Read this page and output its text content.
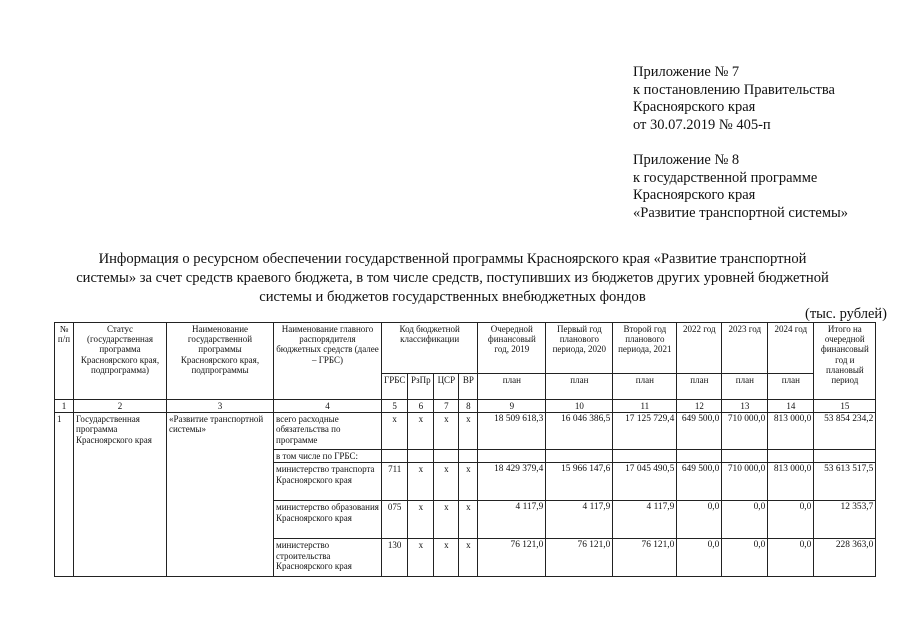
Приложение № 7
к постановлению Правительства
Красноярского края
от 30.07.2019 № 405-п
Приложение № 8
к государственной программе
Красноярского края
«Развитие транспортной системы»
Информация о ресурсном обеспечении государственной программы Красноярского края «Развитие транспортной
системы» за счет средств краевого бюджета, в том числе средств, поступивших из бюджетов других уровней бюджетной
системы и бюджетов государственных внебюджетных фондов
(тыс. рублей)
№ п/п	Статус (государственная программа Красноярского края, подпрограмма)	Наименование государственной программы Красноярского края, подпрограммы	Наименование главного распорядителя бюджетных средств (далее – ГРБС)	Код бюджетной классификации				Очередной финансовый год, 2019	Первый год планового периода, 2020	Второй год планового периода, 2021	2022 год	2023 год	2024 год	Итого на очередной финансовый год и плановый период
				ГРБС	РзПр	ЦСР	ВР	план	план	план	план	план	план	
1	2	3	4	5	6	7	8	9	10	11	12	13	14	15
1	Государственная программа Красноярского края	«Развитие транспортной системы»	всего расходные обязательства по программе	x	x	x	x	18 509 618,3	16 046 386,5	17 125 729,4	649 500,0	710 000,0	813 000,0	53 854 234,2
			в том числе по ГРБС:											
			министерство транспорта Красноярского края	711	x	x	x	18 429 379,4	15 966 147,6	17 045 490,5	649 500,0	710 000,0	813 000,0	53 613 517,5
			министерство образования Красноярского края	075	x	x	x	4 117,9	4 117,9	4 117,9	0,0	0,0	0,0	12 353,7
			министерство строительства Красноярского края	130	x	x	x	76 121,0	76 121,0	76 121,0	0,0	0,0	0,0	228 363,0
